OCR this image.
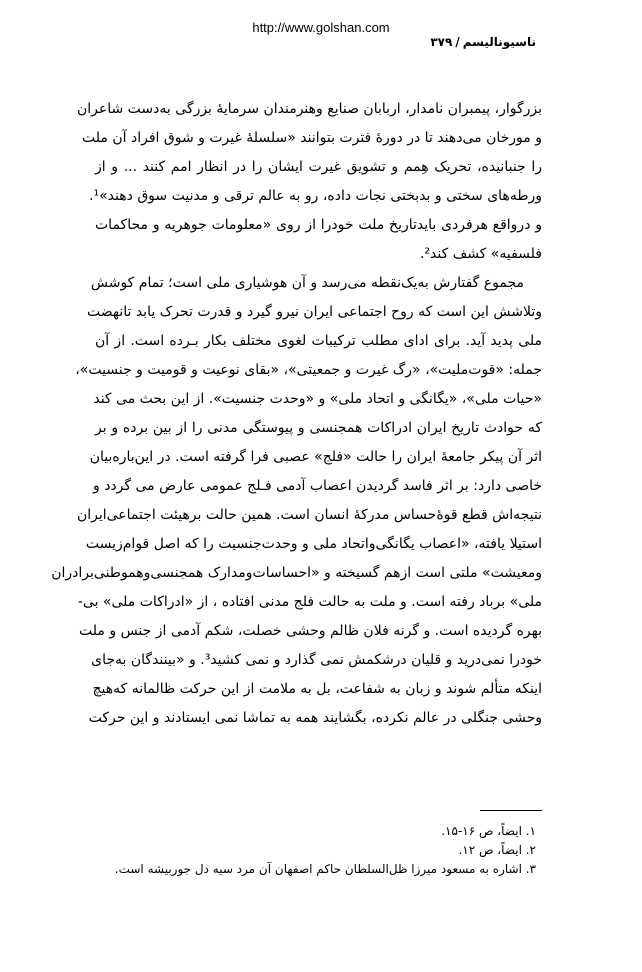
http://www.golshan.com
ناسیونالیسم/۳۷۹
بزرگوار، پیمبران نامدار، اربابان صنایع وهنرمندان سرمایهٔ بزرگی به‌دست شاعران
و مورخان می‌دهند تا در دورهٔ فترت بتوانند «سلسلهٔ غیرت و شوق افراد آن ملت
را جنبانیده، تحریک هِمم و تشویق غیرت ایشان را در انظار امم کنند ... و از
ورطه‌های سختی و بدبختی نجات داده، رو به عالم ترقی و مدنیت سوق دهند»¹.
و درواقع هرفردی بایدتاریخ ملت خودرا از روی «معلومات جوهریه و محاکمات
فلسفیه» کشف کند².
مجموع گفتارش به‌یک‌نقطه می‌رسد و آن هوشیاری ملی است؛ تمام کوشش
وتلاشش این است که روح اجتماعی ایران نیرو گیرد و قدرت تحرک یابد تانهضت
ملی پدید آید. برای ادای مطلب ترکیبات لغوی مختلف بکار بـرده است. از آن
جمله: «قوت‌ملیت»، «رگ غیرت و جمعیتی»، «بقای نوعیت و قومیت و جنسیت»،
«حیات ملی»، «یگانگی و اتحاد ملی» و «وحدت جنسیت». از این بحث می کند
که حوادث تاریخ ایران ادراکات همجنسی و پیوستگی مدنی را از بین برده و بر
اثر آن پیکر جامعهٔ ایران را حالت «فلج» عصبی فرا گرفته است. در این‌باره‌بیان
خاصی دارد: بر اثر فاسد گردیدن اعصاب آدمی فـلج عمومی عارض می گردد و
نتیجه‌اش قطع قوهٔ‌حساس مدرکهٔ انسان است. همین حالت برهیئت اجتماعی‌ایران
استیلا یافته، «اعصاب یگانگی‌واتحاد ملی و وحدت‌جنسیت را که اصل قوام‌زیست
ومعیشت» ملتی است ازهم گسیخته و «احساسات‌ومدارک همجنسی‌وهموطنی‌برادران
ملی» برباد رفته است. و ملت به حالت فلج مدنی افتاده ، از «ادراکات ملی» بی‌-
بهره گردیده است. و گرنه فلان ظالم وحشی خصلت، شکم آدمی از جنس و ملت
خودرا نمی‌درید و قلیان درشکمش نمی گذارد و نمی کشید³. و «بینندگان به‌جای
اینکه متألم شوند و زبان به شفاعت، بل به ملامت از این حرکت ظالمانه که‌هیچ
وحشی جنگلی در عالم نکرده، بگشایند همه به تماشا نمی ایستادند و این حرکت
۱. ایضاً، ص ۱۶-۱۵.
۲. ایضاً، ص ۱۲.
۳. اشاره به مسعود میرزا ظل‌السلطان حاکم اصفهان آن مرد سیه دل جوربیشه است.
